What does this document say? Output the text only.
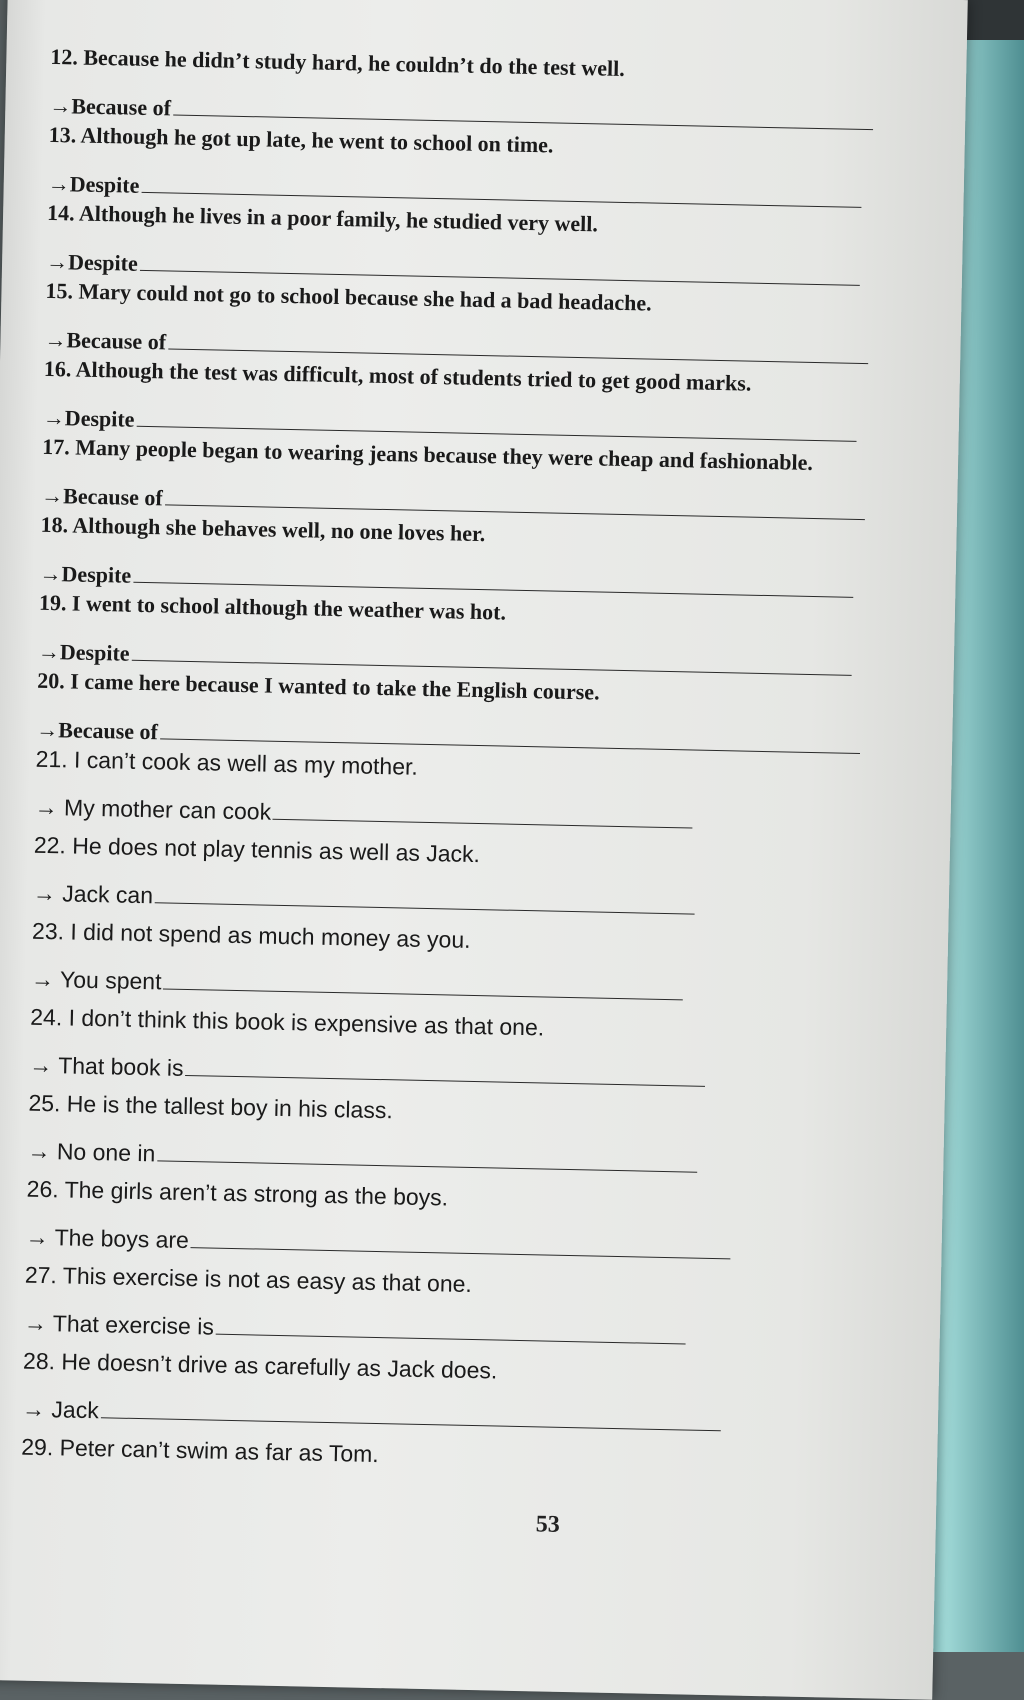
12. Because he didn’t study hard, he couldn’t do the test well.
→Because of
13. Although he got up late, he went to school on time.
→Despite
14. Although he lives in a poor family, he studied very well.
→Despite
15. Mary could not go to school because she had a bad headache.
→Because of
16. Although the test was difficult, most of students tried to get good marks.
→Despite
17. Many people began to wearing jeans because they were cheap and fashionable.
→Because of
18. Although she behaves well, no one loves her.
→Despite
19. I went to school although the weather was hot.
→Despite
20. I came here because I wanted to take the English course.
→Because of
21. I can’t cook as well as my mother.
→ My mother can cook
22. He does not play tennis as well as Jack.
→ Jack can
23. I did not spend as much money as you.
→ You spent
24. I don’t think this book is expensive as that one.
→ That book is
25. He is the tallest boy in his class.
→ No one in
26. The girls aren’t as strong as the boys.
→ The boys are
27. This exercise is not as easy as that one.
→ That exercise is
28. He doesn’t drive as carefully as Jack does.
→ Jack
29. Peter can’t swim as far as Tom.
53
